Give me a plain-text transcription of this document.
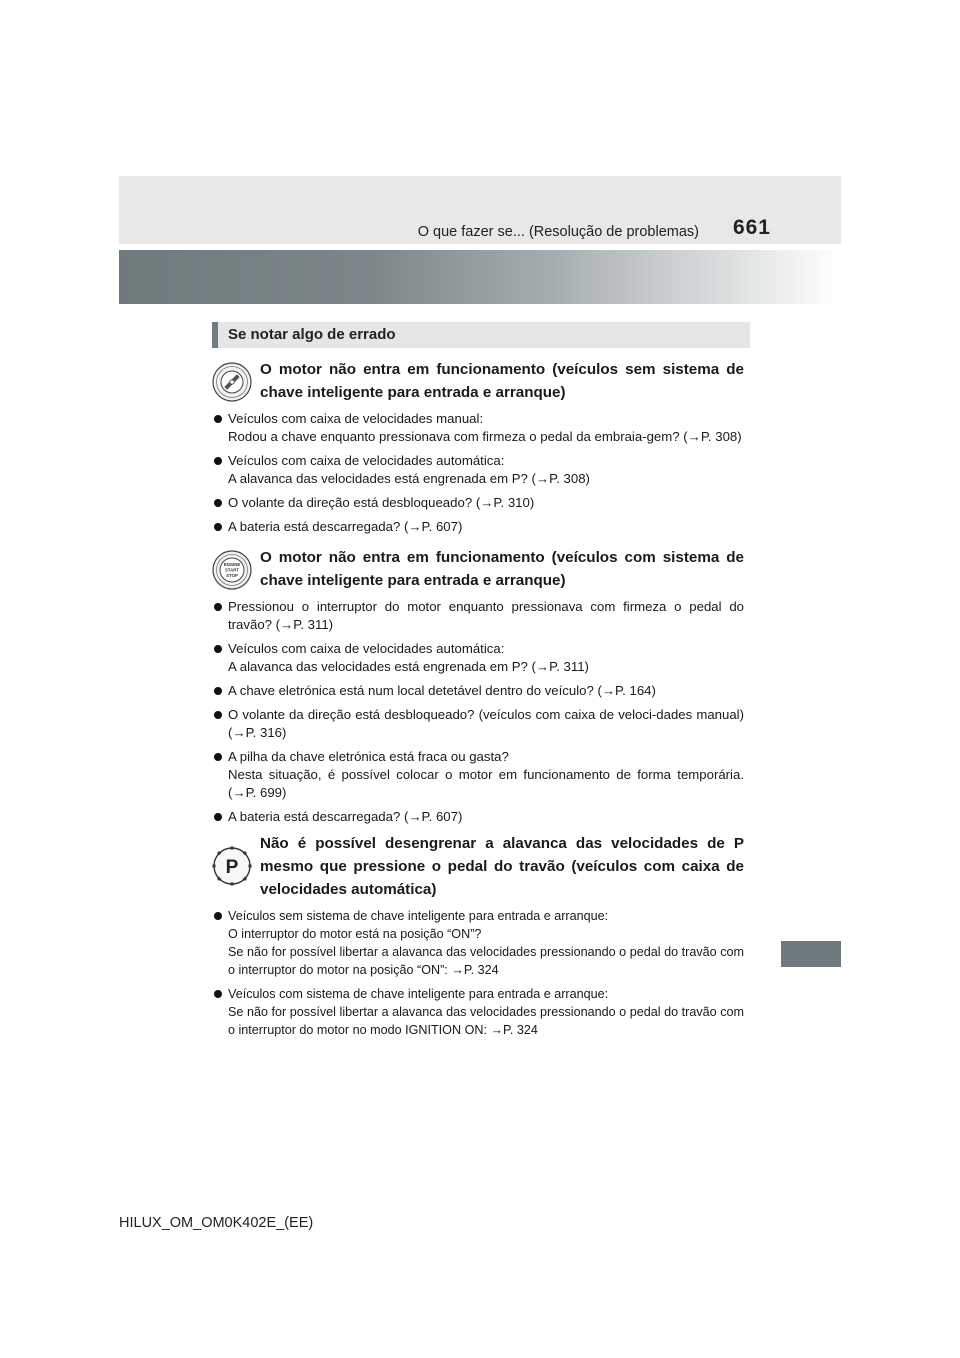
O que fazer se... (Resolução de problemas) 661
Se notar algo de errado
O motor não entra em funcionamento (veículos sem sistema de chave inteligente para entrada e arranque)
Veículos com caixa de velocidades manual:
Rodou a chave enquanto pressionava com firmeza o pedal da embraia-gem? (→P. 308)
Veículos com caixa de velocidades automática:
A alavanca das velocidades está engrenada em P? (→P. 308)
O volante da direção está desbloqueado? (→P. 310)
A bateria está descarregada? (→P. 607)
ENGINE
START
STOP
O motor não entra em funcionamento (veículos com sistema de chave inteligente para entrada e arranque)
Pressionou o interruptor do motor enquanto pressionava com firmeza o pedal do travão? (→P. 311)
Veículos com caixa de velocidades automática:
A alavanca das velocidades está engrenada em P? (→P. 311)
A chave eletrónica está num local detetável dentro do veículo? (→P. 164)
O volante da direção está desbloqueado? (veículos com caixa de veloci-dades manual) (→P. 316)
A pilha da chave eletrónica está fraca ou gasta?
Nesta situação, é possível colocar o motor em funcionamento de forma temporária. (→P. 699)
A bateria está descarregada? (→P. 607)
P
Não é possível desengrenar a alavanca das velocidades de P mesmo que pressione o pedal do travão (veículos com caixa de velocidades automática)
Veículos sem sistema de chave inteligente para entrada e arranque:
O interruptor do motor está na posição “ON”?
Se não for possível libertar a alavanca das velocidades pressionando o pedal do travão com o interruptor do motor na posição “ON”: →P. 324
Veículos com sistema de chave inteligente para entrada e arranque:
Se não for possível libertar a alavanca das velocidades pressionando o pedal do travão com o interruptor do motor no modo IGNITION ON: →P. 324
HILUX_OM_OM0K402E_(EE)
